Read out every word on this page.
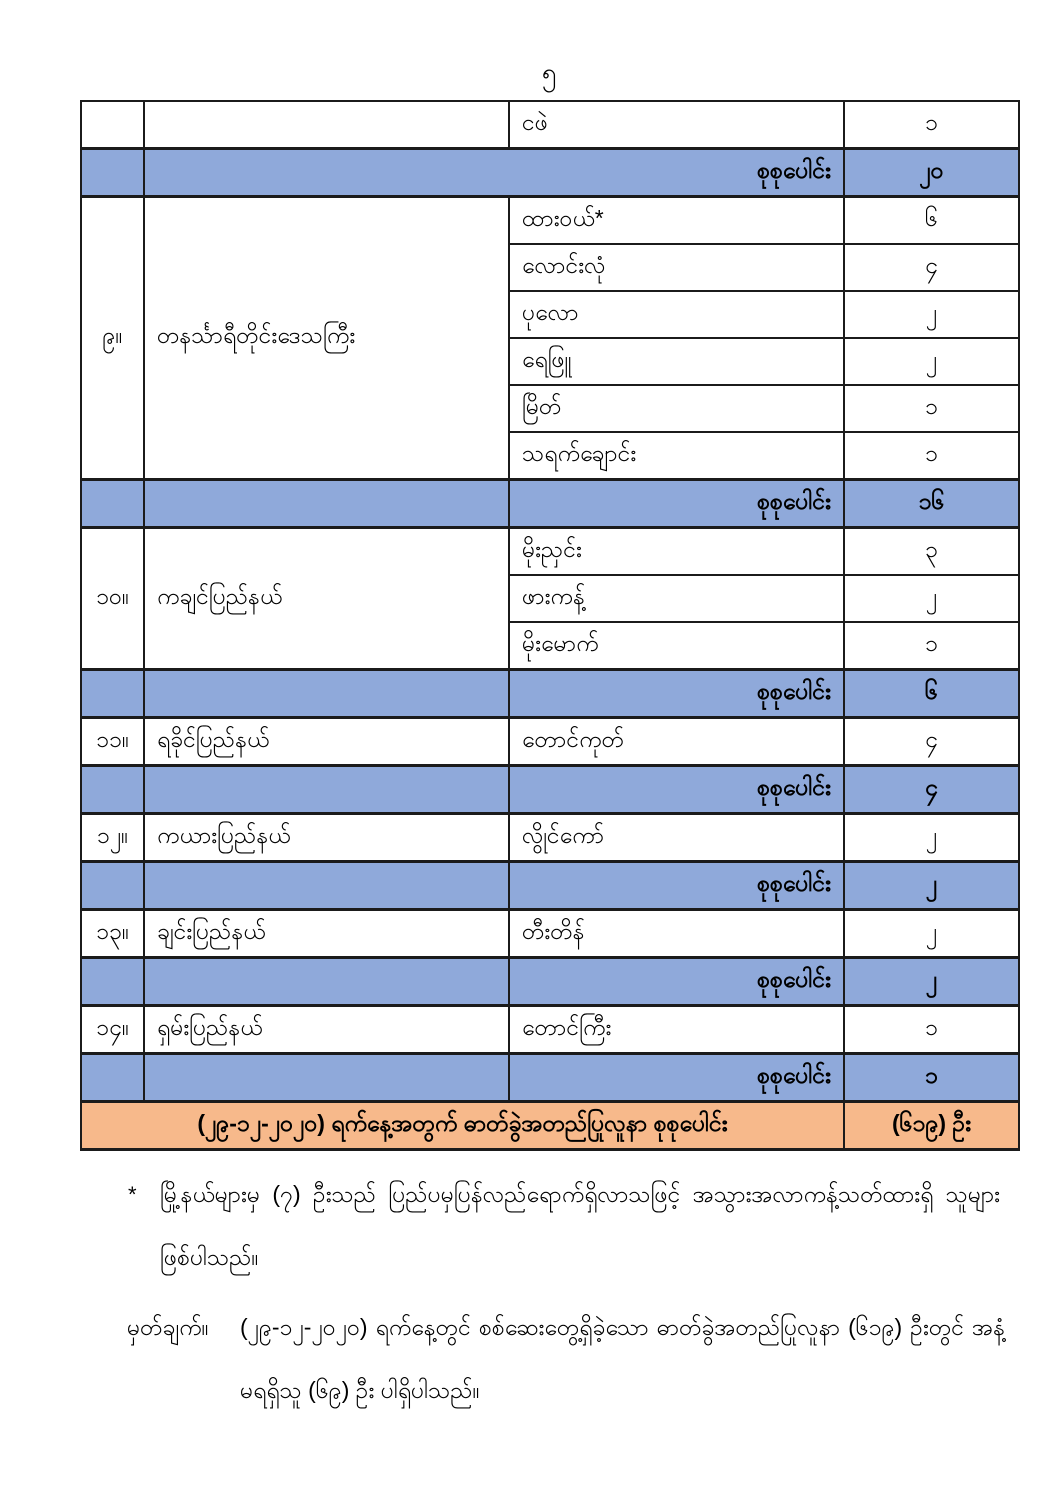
၅
		ငဖဲ	၁
	စုစုပေါင်း		၂၀
၉။	တနင်္သာရီတိုင်းဒေသကြီး	ထားဝယ်*	၆
		လောင်းလုံ	၄
		ပုလော	၂
		ရေဖြူ	၂
		မြိတ်	၁
		သရက်ချောင်း	၁
		စုစုပေါင်း	၁၆
၁၀။	ကချင်ပြည်နယ်	မိုးညှင်း	၃
		ဖားကန့်	၂
		မိုးမောက်	၁
		စုစုပေါင်း	၆
၁၁။	ရခိုင်ပြည်နယ်	တောင်ကုတ်	၄
		စုစုပေါင်း	၄
၁၂။	ကယားပြည်နယ်	လွိုင်ကော်	၂
		စုစုပေါင်း	၂
၁၃။	ချင်းပြည်နယ်	တီးတိန်	၂
		စုစုပေါင်း	၂
၁၄။	ရှမ်းပြည်နယ်	တောင်ကြီး	၁
		စုစုပေါင်း	၁
(၂၉-၁၂-၂၀၂၀) ရက်နေ့အတွက် ဓာတ်ခွဲအတည်ပြုလူနာ စုစုပေါင်း			(၆၁၉) ဦး
*	မြို့နယ်များမှ (၇) ဦးသည် ပြည်ပမှပြန်လည်ရောက်ရှိလာသဖြင့် အသွားအလာကန့်သတ်ထားရှိ သူများ ဖြစ်ပါသည်။
မှတ်ချက်။	(၂၉-၁၂-၂၀၂၀) ရက်နေ့တွင် စစ်ဆေးတွေ့ရှိခဲ့သော ဓာတ်ခွဲအတည်ပြုလူနာ (၆၁၉) ဦးတွင် အနံ့မရရှိသူ (၆၉) ဦး ပါရှိပါသည်။
